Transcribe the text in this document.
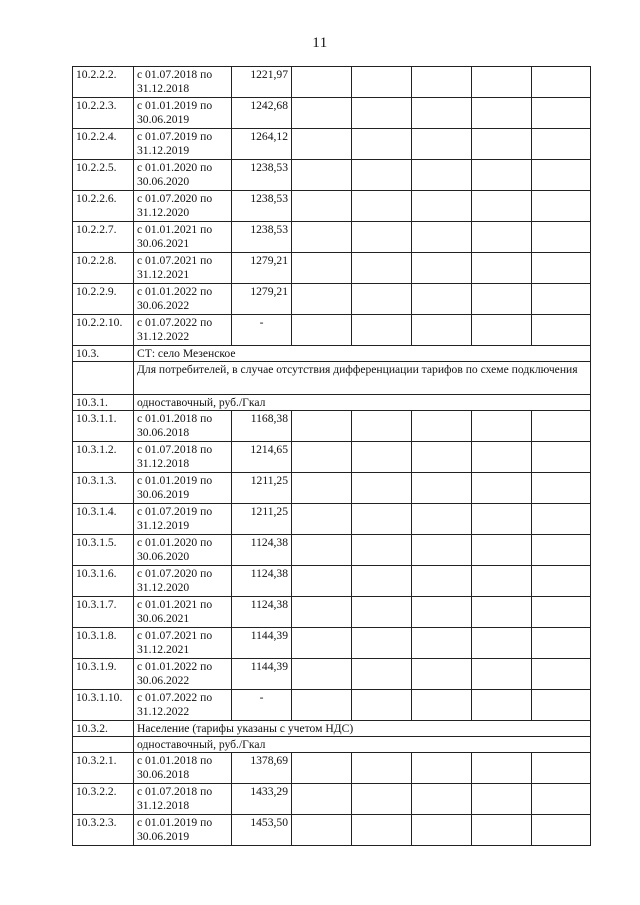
11
10.2.2.2.	с 01.07.2018 по 31.12.2018	1221,97					
10.2.2.3.	с 01.01.2019 по 30.06.2019	1242,68					
10.2.2.4.	с 01.07.2019 по 31.12.2019	1264,12					
10.2.2.5.	с 01.01.2020 по 30.06.2020	1238,53					
10.2.2.6.	с 01.07.2020 по 31.12.2020	1238,53					
10.2.2.7.	с 01.01.2021 по 30.06.2021	1238,53					
10.2.2.8.	с 01.07.2021 по 31.12.2021	1279,21					
10.2.2.9.	с 01.01.2022 по 30.06.2022	1279,21					
10.2.2.10.	с 01.07.2022 по 31.12.2022	-					
10.3.	СТ: село Мезенское						
	Для потребителей, в случае отсутствия дифференциации тарифов по схеме подключения						
10.3.1.	одноставочный, руб./Гкал						
10.3.1.1.	с 01.01.2018 по 30.06.2018	1168,38					
10.3.1.2.	с 01.07.2018 по 31.12.2018	1214,65					
10.3.1.3.	с 01.01.2019 по 30.06.2019	1211,25					
10.3.1.4.	с 01.07.2019 по 31.12.2019	1211,25					
10.3.1.5.	с 01.01.2020 по 30.06.2020	1124,38					
10.3.1.6.	с 01.07.2020 по 31.12.2020	1124,38					
10.3.1.7.	с 01.01.2021 по 30.06.2021	1124,38					
10.3.1.8.	с 01.07.2021 по 31.12.2021	1144,39					
10.3.1.9.	с 01.01.2022 по 30.06.2022	1144,39					
10.3.1.10.	с 01.07.2022 по 31.12.2022	-					
10.3.2.	Население (тарифы указаны с учетом НДС)						
	одноставочный, руб./Гкал						
10.3.2.1.	с 01.01.2018 по 30.06.2018	1378,69					
10.3.2.2.	с 01.07.2018 по 31.12.2018	1433,29					
10.3.2.3.	с 01.01.2019 по 30.06.2019	1453,50					
